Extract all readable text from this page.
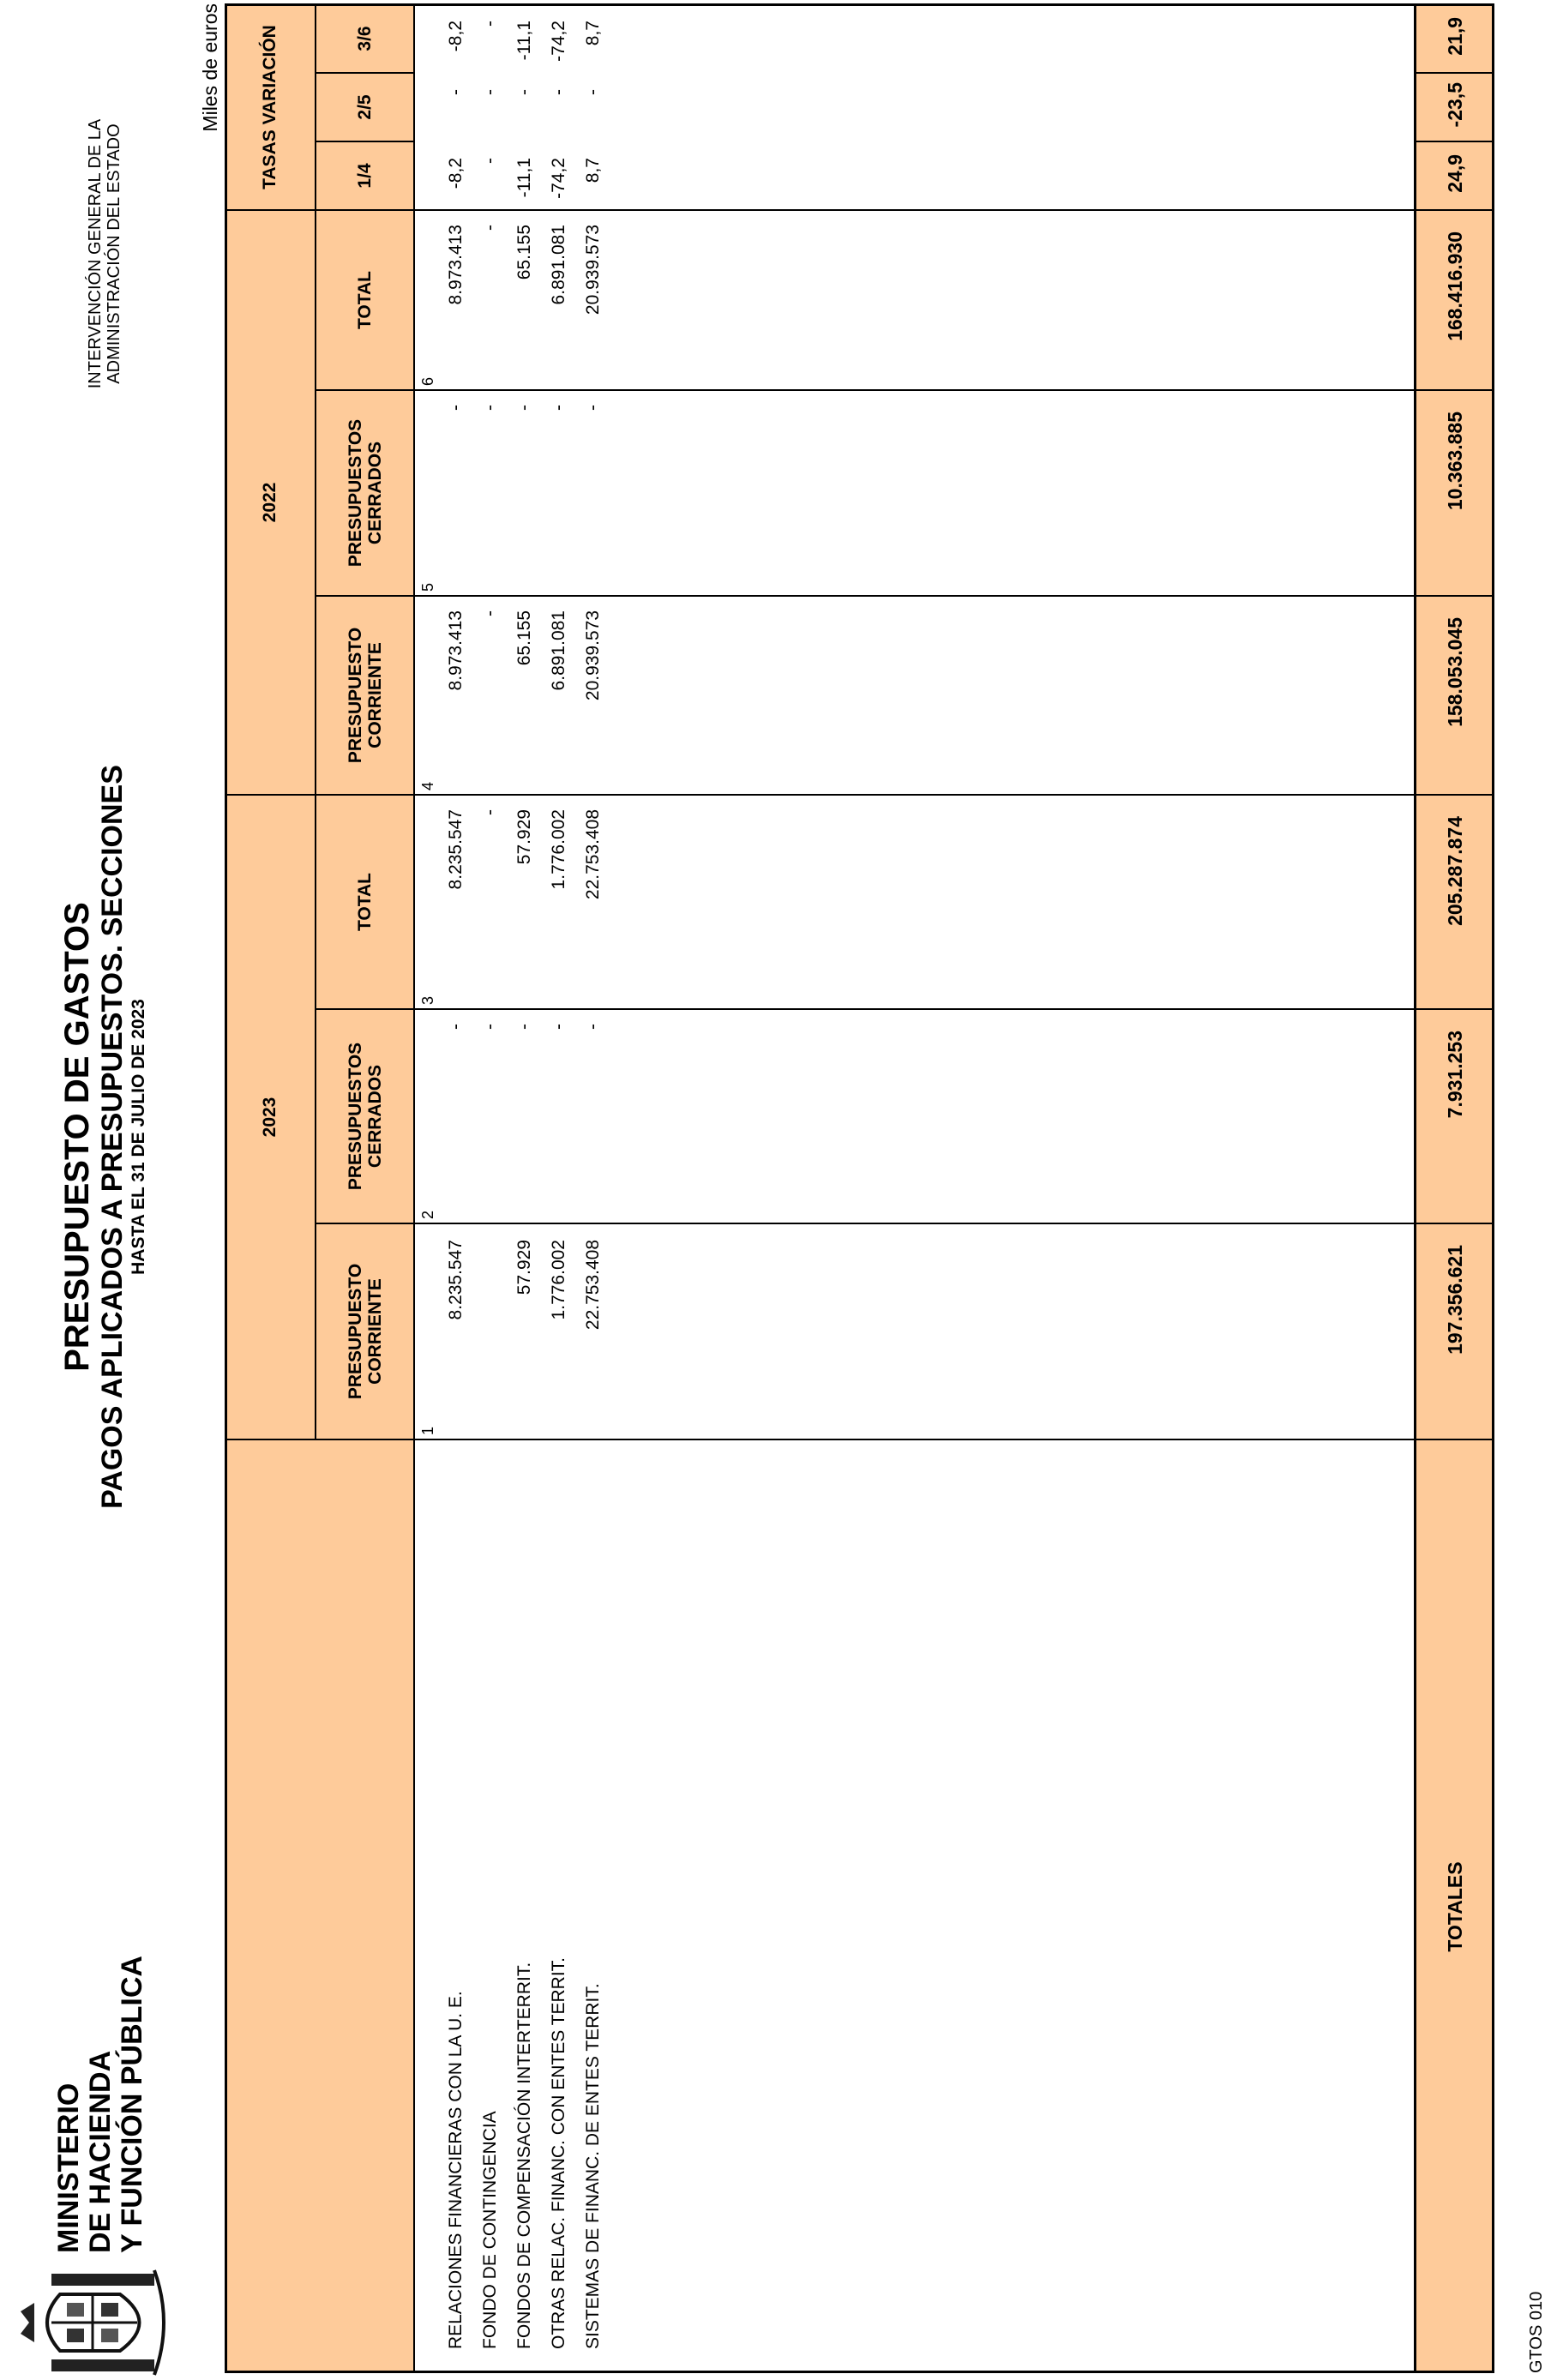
MINISTERIO DE HACIENDA Y FUNCIÓN PÚBLICA
PRESUPUESTO DE GASTOS PAGOS APLICADOS A PRESUPUESTOS. SECCIONES HASTA EL 31 DE JULIO DE 2023
INTERVENCIÓN GENERAL DE LA ADMINISTRACIÓN DEL ESTADO
Miles de euros
2023
2022
TASAS VARIACIÓN
PRESUPUESTO CORRIENTE
PRESUPUESTOS CERRADOS
TOTAL
PRESUPUESTO CORRIENTE
PRESUPUESTOS CERRADOS
TOTAL
1/4
2/5
3/6
1
2
3
4
5
6
RELACIONES FINANCIERAS CON LA U. E.
8.235.547
-
8.235.547
8.973.413
-
8.973.413
-8,2
-
-8,2
FONDO DE CONTINGENCIA
-
-
-
-
-
-
-
-
FONDOS DE COMPENSACIÓN INTERTERRIT.
57.929
-
57.929
65.155
-
65.155
-11,1
-
-11,1
OTRAS RELAC. FINANC. CON ENTES TERRIT.
1.776.002
-
1.776.002
6.891.081
-
6.891.081
-74,2
-
-74,2
SISTEMAS DE FINANC. DE ENTES TERRIT.
22.753.408
-
22.753.408
20.939.573
-
20.939.573
8,7
-
8,7
TOTALES
197.356.621
7.931.253
205.287.874
158.053.045
10.363.885
168.416.930
24,9
-23,5
21,9
GTOS 010
